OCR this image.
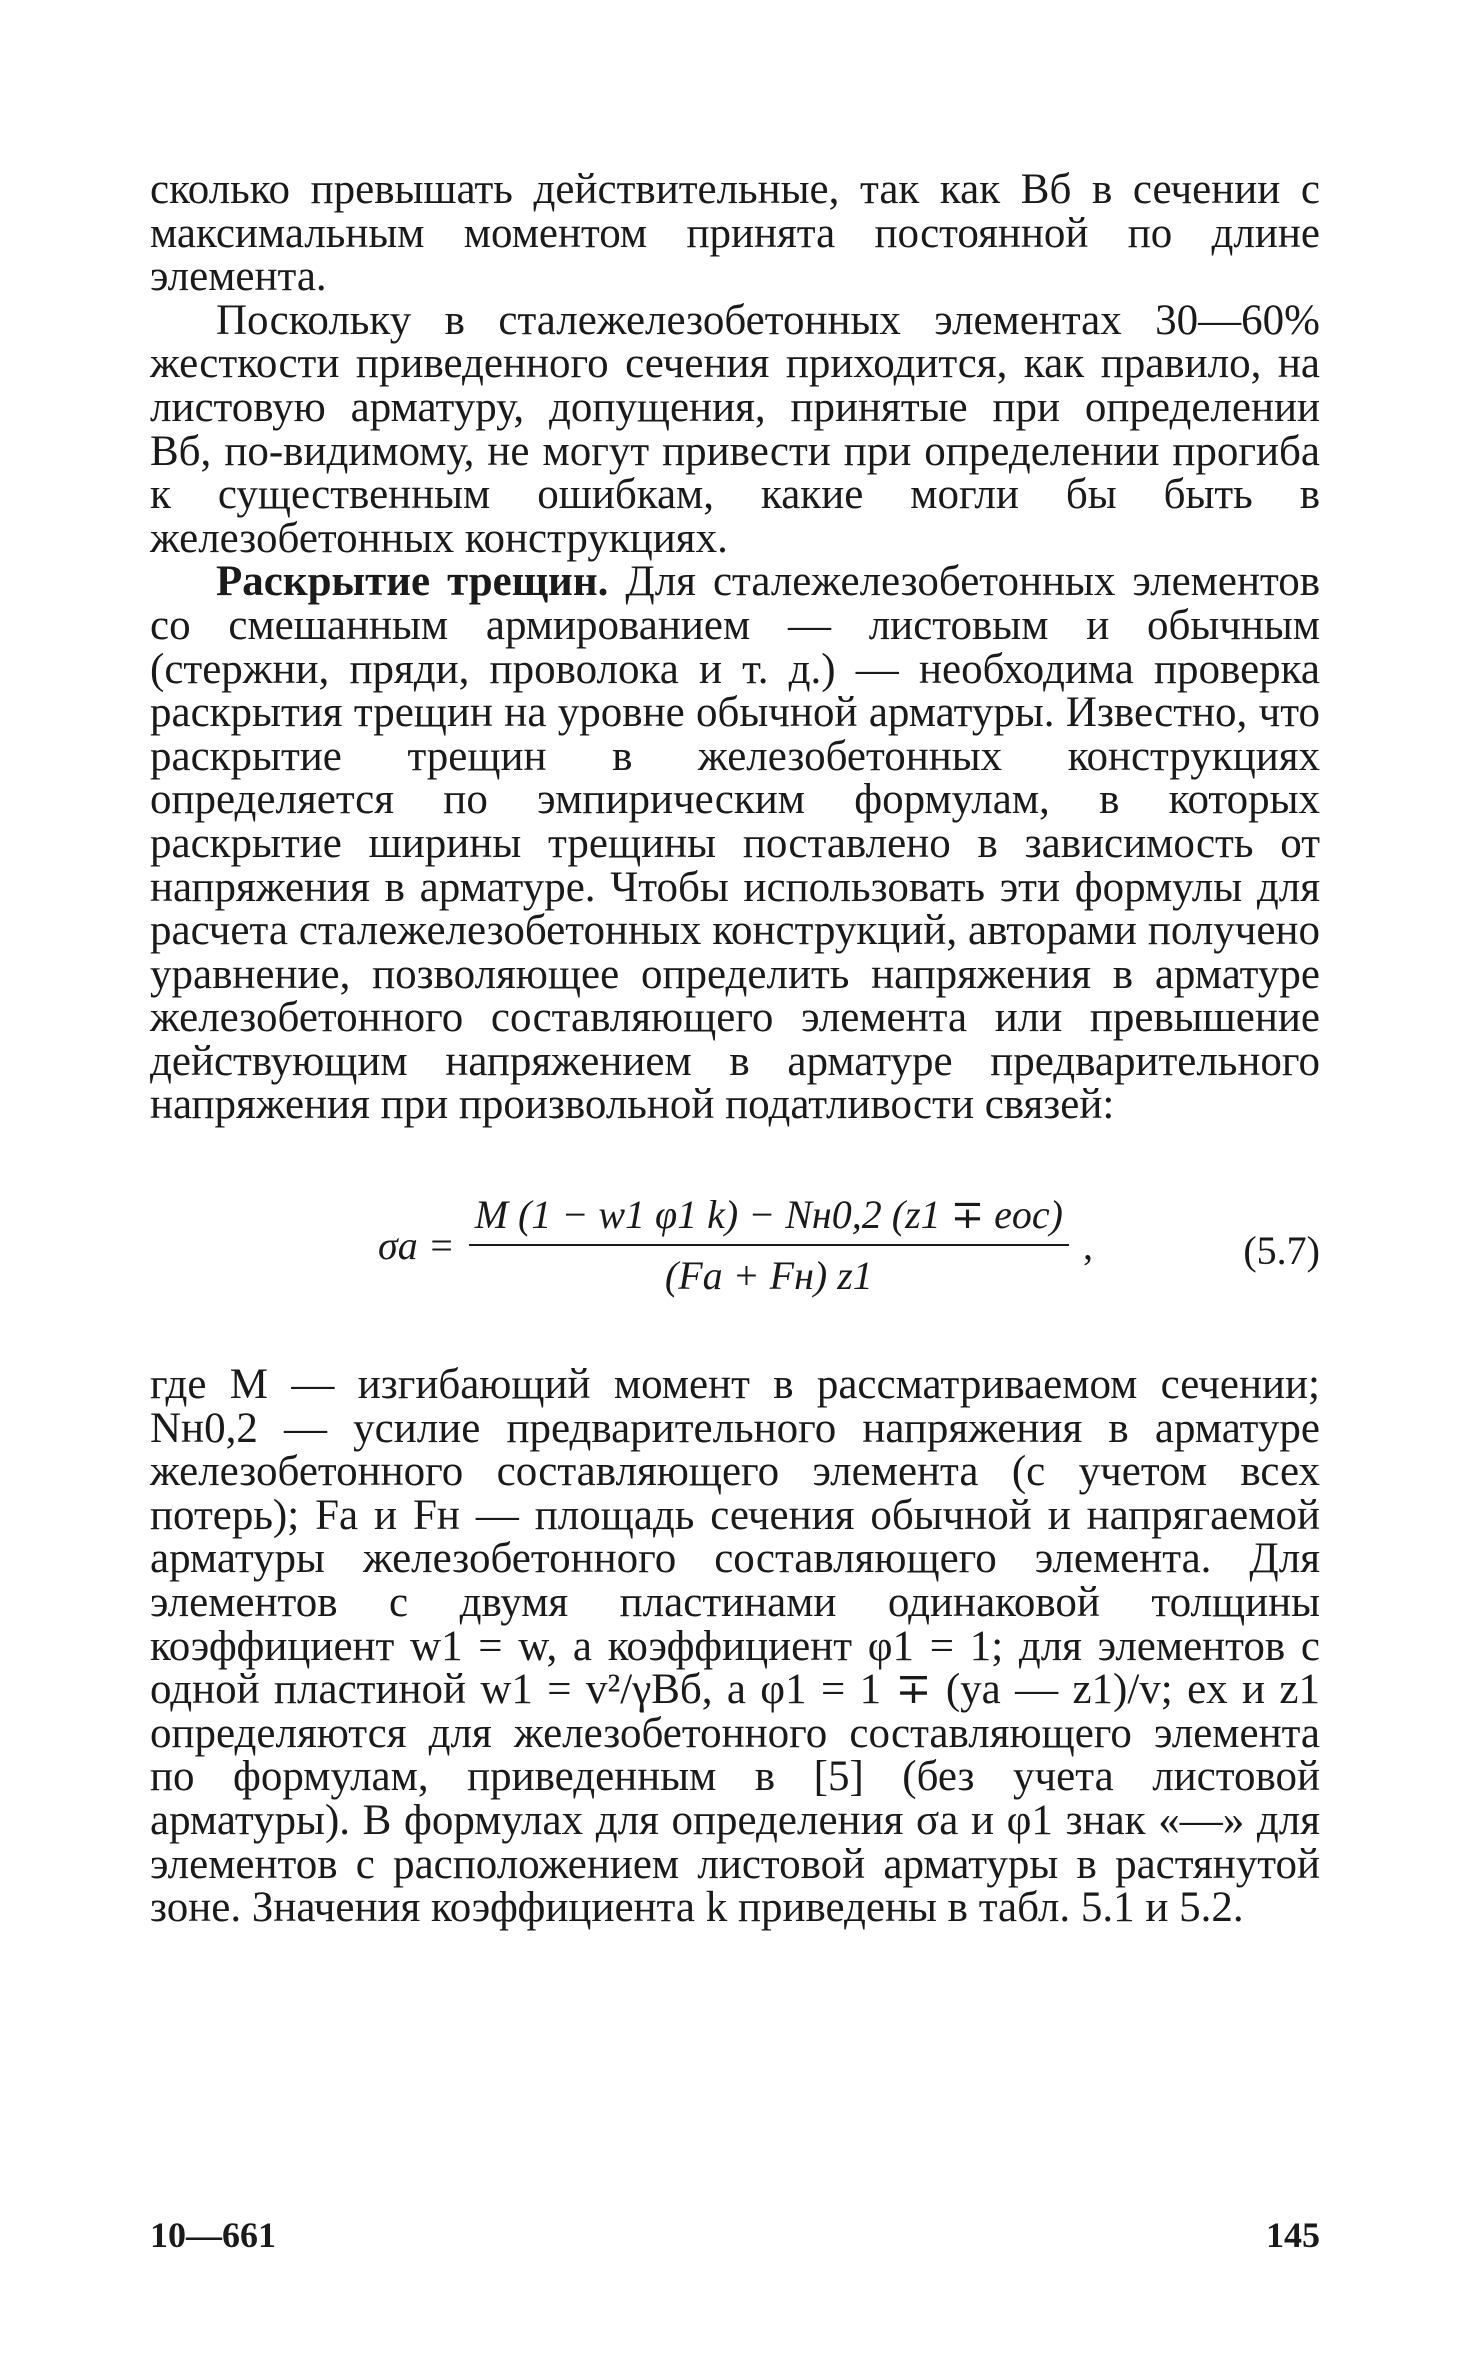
сколько превышать действительные, так как Bб в сечении с максимальным моментом принята постоянной по длине элемента.

Поскольку в сталежелезобетонных элементах 30—60% жесткости приведенного сечения приходится, как правило, на листовую арматуру, допущения, принятые при определении Bб, по-видимому, не могут привести при определении прогиба к существенным ошибкам, какие могли бы быть в железобетонных конструкциях.

Раскрытие трещин. Для сталежелезобетонных элементов со смешанным армированием — листовым и обычным (стержни, пряди, проволока и т. д.) — необходима проверка раскрытия трещин на уровне обычной арматуры. Известно, что раскрытие трещин в железобетонных конструкциях определяется по эмпирическим формулам, в которых раскрытие ширины трещины поставлено в зависимость от напряжения в арматуре. Чтобы использовать эти формулы для расчета сталежелезобетонных конструкций, авторами получено уравнение, позволяющее определить напряжения в арматуре железобетонного составляющего элемента или превышение действующим напряжением в арматуре предварительного напряжения при произвольной податливости связей:

$\sigma а = \frac{\text{M (1 − w1 φ1 k) − Nн0,2 (z1 ∓ eос)}}{(Fа + Fн) z1}$ ,	(5.7)

где M — изгибающий момент в рассматриваемом сечении; Nн0,2 — усилие предварительного напряжения в арматуре железобетонного составляющего элемента (с учетом всех потерь); Fа и Fн — площадь сечения обычной и напрягаемой арматуры железобетонного составляющего элемента. Для элементов с двумя пластинами одинаковой толщины коэффициент w1 = w, а коэффициент φ1 = 1; для элементов с одной пластиной w1 = v²/γBб, а φ1 = 1 ∓ (yа — z1)/v; ex и z1 определяются для железобетонного составляющего элемента по формулам, приведенным в [5] (без учета листовой арматуры). В формулах для определения σа и φ1 знак «—» для элементов с расположением листовой арматуры в растянутой зоне. Значения коэффициента k приведены в табл. 5.1 и 5.2.

10—661	145
